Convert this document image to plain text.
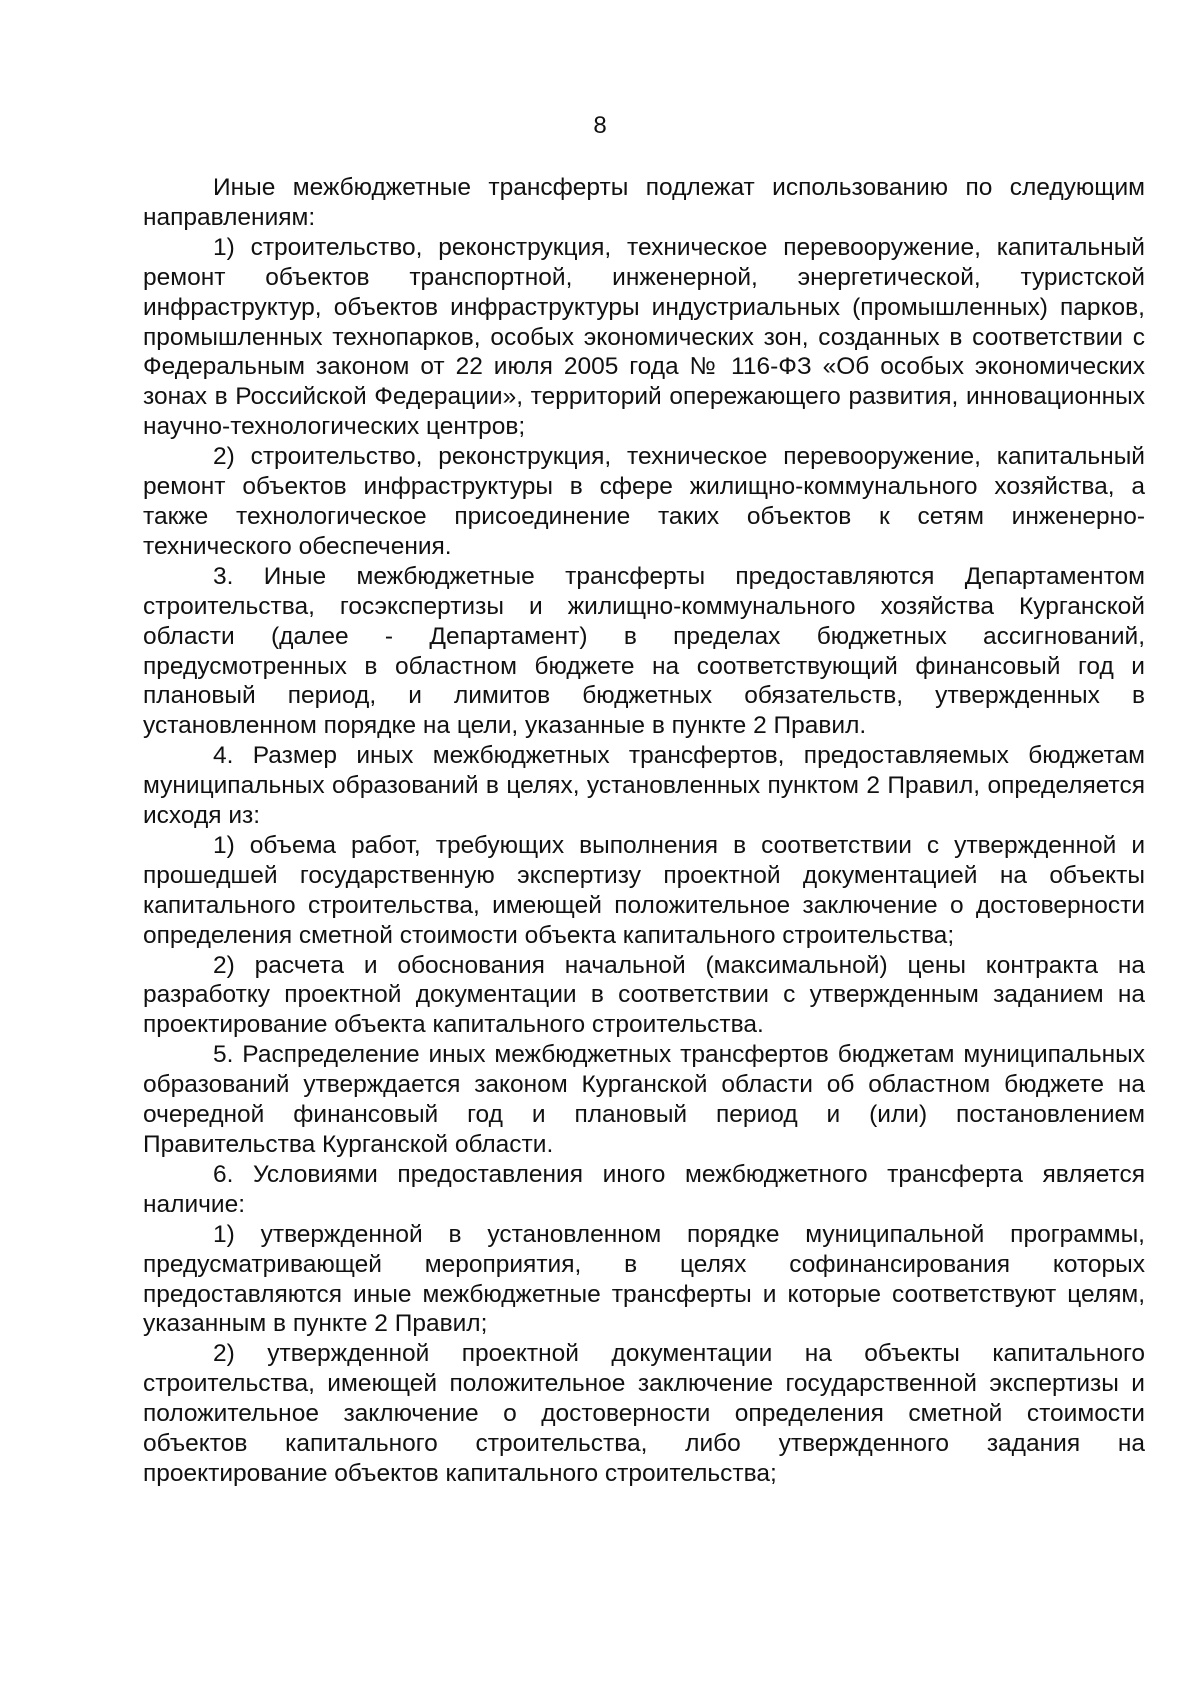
8

Иные межбюджетные трансферты подлежат использованию по следующим направлениям:

1) строительство, реконструкция, техническое перевооружение, капитальный ремонт объектов транспортной, инженерной, энергетической, туристской инфраструктур, объектов инфраструктуры индустриальных (промышленных) парков, промышленных технопарков, особых экономических зон, созданных в соответствии с Федеральным законом от 22 июля 2005 года № 116-ФЗ «Об особых экономических зонах в Российской Федерации», территорий опережающего развития, инновационных научно-технологических центров;

2) строительство, реконструкция, техническое перевооружение, капитальный ремонт объектов инфраструктуры в сфере жилищно-коммунального хозяйства, а также технологическое присоединение таких объектов к сетям инженерно-технического обеспечения.

3. Иные межбюджетные трансферты предоставляются Департаментом строительства, госэкспертизы и жилищно-коммунального хозяйства Курганской области (далее - Департамент) в пределах бюджетных ассигнований, предусмотренных в областном бюджете на соответствующий финансовый год и плановый период, и лимитов бюджетных обязательств, утвержденных в установленном порядке на цели, указанные в пункте 2 Правил.

4. Размер иных межбюджетных трансфертов, предоставляемых бюджетам муниципальных образований в целях, установленных пунктом 2 Правил, определяется исходя из:

1) объема работ, требующих выполнения в соответствии с утвержденной и прошедшей государственную экспертизу проектной документацией на объекты капитального строительства, имеющей положительное заключение о достоверности определения сметной стоимости объекта капитального строительства;

2) расчета и обоснования начальной (максимальной) цены контракта на разработку проектной документации в соответствии с утвержденным заданием на проектирование объекта капитального строительства.

5. Распределение иных межбюджетных трансфертов бюджетам муниципальных образований утверждается законом Курганской области об областном бюджете на очередной финансовый год и плановый период и (или) постановлением Правительства Курганской области.

6. Условиями предоставления иного межбюджетного трансферта является наличие:

1) утвержденной в установленном порядке муниципальной программы, предусматривающей мероприятия, в целях софинансирования которых предоставляются иные межбюджетные трансферты и которые соответствуют целям, указанным в пункте 2 Правил;

2) утвержденной проектной документации на объекты капитального строительства, имеющей положительное заключение государственной экспертизы и положительное заключение о достоверности определения сметной стоимости объектов капитального строительства, либо утвержденного задания на проектирование объектов капитального строительства;
